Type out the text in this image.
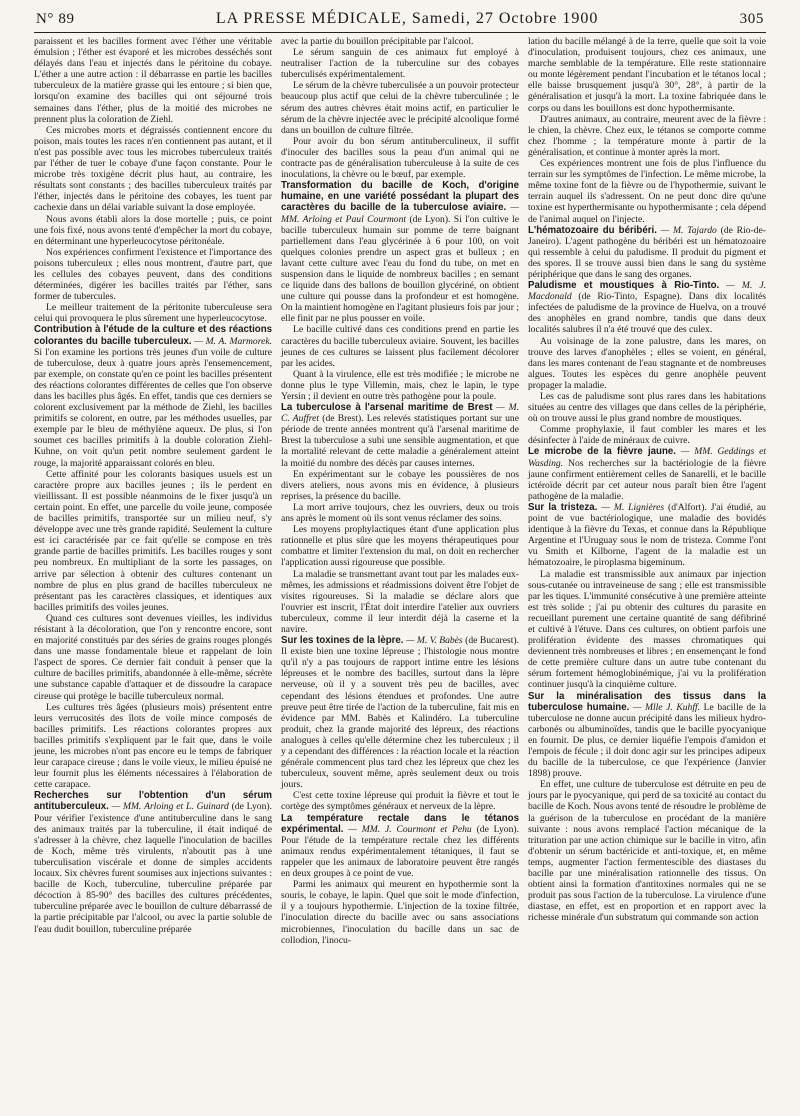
N° 89	LA PRESSE MÉDICALE, Samedi, 27 Octobre 1900	305

paraissent et les bacilles forment avec l'éther une véritable émulsion ; l'éther est évaporé et les microbes desséchés sont délayés dans l'eau et injectés dans le péritoine du cobaye. L'éther a une autre action : il débarrasse en partie les bacilles tuberculeux de la matière grasse qui les entoure ; si bien que, lorsqu'on examine des bacilles qui ont séjourné trois semaines dans l'éther, plus de la moitié des microbes ne prennent plus la coloration de Ziehl.

Ces microbes morts et dégraissés contiennent encore du poison, mais toutes les races n'en contiennent pas autant, et il n'est pas possible avec tous les microbes tuberculeux traités par l'éther de tuer le cobaye d'une façon constante. Pour le microbe très toxigène décrit plus haut, au contraire, les résultats sont constants ; des bacilles tuberculeux traités par l'éther, injectés dans le péritoine des cobayes, les tuent par cachexie dans un délai variable suivant la dose employée.

Nous avons établi alors la dose mortelle ; puis, ce point une fois fixé, nous avons tenté d'empêcher la mort du cobaye, en déterminant une hyperleucocytose péritonéale.

Nos expériences confirment l'existence et l'importance des poisons tuberculeux ; elles nous montrent, d'autre part, que les cellules des cobayes peuvent, dans des conditions déterminées, digérer les bacilles traités par l'éther, sans former de tubercules.

Le meilleur traitement de la péritonite tuberculeuse sera celui qui provoquera le plus sûrement une hyperleucocytose.

Contribution à l'étude de la culture et des réactions colorantes du bacille tuberculeux. — M. A. Marmorek. Si l'on examine les portions très jeunes d'un voile de culture de tuberculose, deux à quatre jours après l'ensemencement, par exemple, on constate qu'en ce point les bacilles présentent des réactions colorantes différentes de celles que l'on observe dans les bacilles plus âgés. En effet, tandis que ces derniers se colorent exclusivement par la méthode de Ziehl, les bacilles primitifs se colorent, en outre, par les méthodes usuelles, par exemple par le bleu de méthylène aqueux. De plus, si l'on soumet ces bacilles primitifs à la double coloration Ziehl-Kuhne, on voit qu'un petit nombre seulement gardent le rouge, la majorité apparaissant colorés en bleu.

Cette affinité pour les colorants basiques usuels est un caractère propre aux bacilles jeunes ; ils le perdent en vieillissant. Il est possible néanmoins de le fixer jusqu'à un certain point. En effet, une parcelle du voile jeune, composée de bacilles primitifs, transportée sur un milieu neuf, s'y développe avec une très grande rapidité. Seulement la culture est ici caractérisée par ce fait qu'elle se compose en très grande partie de bacilles primitifs. Les bacilles rouges y sont peu nombreux. En multipliant de la sorte les passages, on arrive par sélection à obtenir des cultures contenant un nombre de plus en plus grand de bacilles tuberculeux ne présentant pas les caractères classiques, et identiques aux bacilles primitifs des voiles jeunes.

Quand ces cultures sont devenues vieilles, les individus résistant à la décoloration, que l'on y rencontre encore, sont en majorité constitués par des séries de grains rouges plongés dans une masse fondamentale bleue et rappelant de loin l'aspect de spores. Ce dernier fait conduit à penser que la culture de bacilles primitifs, abandonnée à elle-même, sécrète une substance capable d'attaquer et de dissoudre la carapace cireuse qui protège le bacille tuberculeux normal.

Les cultures très âgées (plusieurs mois) présentent entre leurs verrucosités des îlots de voile mince composés de bacilles primitifs. Les réactions colorantes propres aux bacilles primitifs s'expliquent par le fait que, dans le voile jeune, les microbes n'ont pas encore eu le temps de fabriquer leur carapace cireuse ; dans le voile vieux, le milieu épuisé ne leur fournit plus les éléments nécessaires à l'élaboration de cette carapace.

Recherches sur l'obtention d'un sérum antituberculeux. — MM. Arloing et L. Guinard (de Lyon). Pour vérifier l'existence d'une antituberculine dans le sang des animaux traités par la tuberculine, il était indiqué de s'adresser à la chèvre, chez laquelle l'inoculation de bacilles de Koch, même très virulents, n'aboutit pas à une tuberculisation viscérale et donne de simples accidents locaux. Six chèvres furent soumises aux injections suivantes : bacille de Koch, tuberculine, tuberculine préparée par décoction à 85-90° des bacilles des cultures précédentes, tuberculine préparée avec le bouillon de culture débarrassé de la partie précipitable par l'alcool, ou avec la partie soluble de l'eau dudit bouillon, tuberculine préparée

avec la partie du bouillon précipitable par l'alcool.

Le sérum sanguin de ces animaux fut employé à neutraliser l'action de la tuberculine sur des cobayes tuberculisés expérimentalement.

Le sérum de la chèvre tuberculisée a un pouvoir protecteur beaucoup plus actif que celui de la chèvre tuberculinée ; le sérum des autres chèvres était moins actif, en particulier le sérum de la chèvre injectée avec le précipité alcoolique formé dans un bouillon de culture filtrée.

Pour avoir du bon sérum antituberculineux, il suffit d'inoculer des bacilles sous la peau d'un animal qui ne contracte pas de généralisation tuberculeuse à la suite de ces inoculations, la chèvre ou le bœuf, par exemple.

Transformation du bacille de Koch, d'origine humaine, en une variété possédant la plupart des caractères du bacille de la tuberculose aviaire. — MM. Arloing et Paul Courmont (de Lyon). Si l'on cultive le bacille tuberculeux humain sur pomme de terre baignant partiellement dans l'eau glycérinée à 6 pour 100, on voit quelques colonies prendre un aspect gras et bulleux ; en lavant cette culture avec l'eau du fond du tube, on met en suspension dans le liquide de nombreux bacilles ; en semant ce liquide dans des ballons de bouillon glycériné, on obtient une culture qui pousse dans la profondeur et est homogène. On la maintient homogène en l'agitant plusieurs fois par jour ; elle finit par ne plus pousser en voile.

Le bacille cultivé dans ces conditions prend en partie les caractères du bacille tuberculeux aviaire. Souvent, les bacilles jeunes de ces cultures se laissent plus facilement décolorer par les acides.

Quant à la virulence, elle est très modifiée ; le microbe ne donne plus le type Villemin, mais, chez le lapin, le type Yersin ; il devient en outre très pathogène pour la poule.

La tuberculose à l'arsenal maritime de Brest — M. C. Auffret (de Brest). Les relevés statistiques portant sur une période de trente années montrent qu'à l'arsenal maritime de Brest la tuberculose a subi une sensible augmentation, et que la mortalité relevant de cette maladie a généralement atteint la moitié du nombre des décès par causes internes.

En expérimentant sur le cobaye les poussières de nos divers ateliers, nous avons mis en évidence, à plusieurs reprises, la présence du bacille.

La mort arrive toujours, chez les ouvriers, deux ou trois ans après le moment où ils sont venus réclamer des soins.

Les moyens prophylactiques étant d'une application plus rationnelle et plus sûre que les moyens thérapeutiques pour combattre et limiter l'extension du mal, on doit en rechercher l'application aussi rigoureuse que possible.

La maladie se transmettant avant tout par les malades eux-mêmes, les admissions et réadmissions doivent être l'objet de visites rigoureuses. Si la maladie se déclare alors que l'ouvrier est inscrit, l'État doit interdire l'atelier aux ouvriers tuberculeux, comme il leur interdit déjà la caserne et la navire.

Sur les toxines de la lèpre. — M. V. Babès (de Bucarest). Il existe bien une toxine lépreuse ; l'histologie nous montre qu'il n'y a pas toujours de rapport intime entre les lésions lépreuses et le nombre des bacilles, surtout dans la lèpre nerveuse, où il y a souvent très peu de bacilles, avec cependant des lésions étendues et profondes. Une autre preuve peut être tirée de l'action de la tuberculine, fait mis en évidence par MM. Babès et Kalindéro. La tuberculine produit, chez la grande majorité des lépreux, des réactions analogues à celles qu'elle détermine chez les tuberculeux ; il y a cependant des différences : la réaction locale et la réaction générale commencent plus tard chez les lépreux que chez les tuberculeux, souvent même, après seulement deux ou trois jours.

C'est cette toxine lépreuse qui produit la fièvre et tout le cortège des symptômes généraux et nerveux de la lèpre.

La température rectale dans le tétanos expérimental. — MM. J. Courmont et Pehu (de Lyon). Pour l'étude de la température rectale chez les différents animaux rendus expérimentalement tétaniques, il faut se rappeler que les animaux de laboratoire peuvent être rangés en deux groupes à ce point de vue.

Parmi les animaux qui meurent en hypothermie sont la souris, le cobaye, le lapin. Quel que soit le mode d'infection, il y a toujours hypothermie. L'injection de la toxine filtrée, l'inoculation directe du bacille avec ou sans associations microbiennes, l'inoculation du bacille dans un sac de collodion, l'inocu-

lation du bacille mélangé à de la terre, quelle que soit la voie d'inoculation, produisent toujours, chez ces animaux, une marche semblable de la température. Elle reste stationnaire ou monte légèrement pendant l'incubation et le tétanos local ; elle baisse brusquement jusqu'à 30°, 28°, à partir de la généralisation et jusqu'à la mort. La toxine fabriquée dans le corps ou dans les bouillons est donc hypothermisante.

D'autres animaux, au contraire, meurent avec de la fièvre : le chien, la chèvre. Chez eux, le tétanos se comporte comme chez l'homme ; la température monte à partir de la généralisation, et continue à monter après la mort.

Ces expériences montrent une fois de plus l'influence du terrain sur les symptômes de l'infection. Le même microbe, la même toxine font de la fièvre ou de l'hypothermie, suivant le terrain auquel ils s'adressent. On ne peut donc dire qu'une toxine est hyperthermisante ou hypothermisante ; cela dépend de l'animal auquel on l'injecte.

L'hématozoaire du béribéri. — M. Tajardo (de Rio-de-Janeiro). L'agent pathogène du béribéri est un hématozoaire qui ressemble à celui du paludisme. Il produit du pigment et des spores. Il se trouve aussi bien dans le sang du système périphérique que dans le sang des organes.

Paludisme et moustiques à Rio-Tinto. — M. J. Macdonald (de Rio-Tinto, Espagne). Dans dix localités infectées de paludisme de la province de Huelva, on a trouvé des anophèles en grand nombre, tandis que dans deux localités salubres il n'a été trouvé que des culex.

Au voisinage de la zone palustre, dans les mares, on trouve des larves d'anophèles ; elles se voient, en général, dans les mares contenant de l'eau stagnante et de nombreuses algues. Toutes les espèces du genre anophèle peuvent propager la maladie.

Les cas de paludisme sont plus rares dans les habitations situées au centre des villages que dans celles de la périphérie, où on trouve aussi le plus grand nombre de moustiques.

Comme prophylaxie, il faut combler les mares et les désinfecter à l'aide de minéraux de cuivre.

Le microbe de la fièvre jaune. — MM. Geddings et Wasding. Nos recherches sur la bactériologie de la fièvre jaune confirment entièrement celles de Sanarelli, et le bacille ictéroïde décrit par cet auteur nous paraît bien être l'agent pathogène de la maladie.

Sur la tristeza. — M. Lignières (d'Alfort). J'ai étudié, au point de vue bactériologique, une maladie des bovidés identique à la fièvre du Texas, et connue dans la République Argentine et l'Uruguay sous le nom de tristeza. Comme l'ont vu Smith et Kilborne, l'agent de la maladie est un hématozoaire, le piroplasma bigeminum.

La maladie est transmissible aux animaux par injection sous-cutanée ou intraveineuse de sang ; elle est transmissible par les tiques. L'immunité consécutive à une première atteinte est très solide ; j'ai pu obtenir des cultures du parasite en recueillant purement une certaine quantité de sang défibriné et cultivé à l'étuve. Dans ces cultures, on obtient parfois une prolifération évidente des masses chromatiques qui deviennent très nombreuses et libres ; en ensemençant le fond de cette première culture dans un autre tube contenant du sérum fortement hémoglobinémique, j'ai vu la prolifération continuer jusqu'à la cinquième culture.

Sur la minéralisation des tissus dans la tuberculose humaine. — Mlle J. Kuhff. Le bacille de la tuberculose ne donne aucun précipité dans les milieux hydro-carbonés ou albuminoïdes, tandis que le bacille pyocyanique en fournit. De plus, ce dernier liquéfie l'empois d'amidon et l'empois de fécule ; il doit donc agir sur les principes adipeux du bacille de la tuberculose, ce que l'expérience (Janvier 1898) prouve.

En effet, une culture de tuberculose est détruite en peu de jours par le pyocyanique, qui perd de sa toxicité au contact du bacille de Koch. Nous avons tenté de résoudre le problème de la guérison de la tuberculose en procédant de la manière suivante : nous avons remplacé l'action mécanique de la trituration par une action chimique sur le bacille in vitro, afin d'obtenir un sérum bactéricide et anti-toxique, et, en même temps, augmenter l'action fermentescible des diastases du bacille par une minéralisation rationnelle des tissus. On obtient ainsi la formation d'antitoxines normales qui ne se produit pas sous l'action de la tuberculose. La virulence d'une diastase, en effet, est en proportion et en rapport avec la richesse minérale d'un substratum qui commande son action
